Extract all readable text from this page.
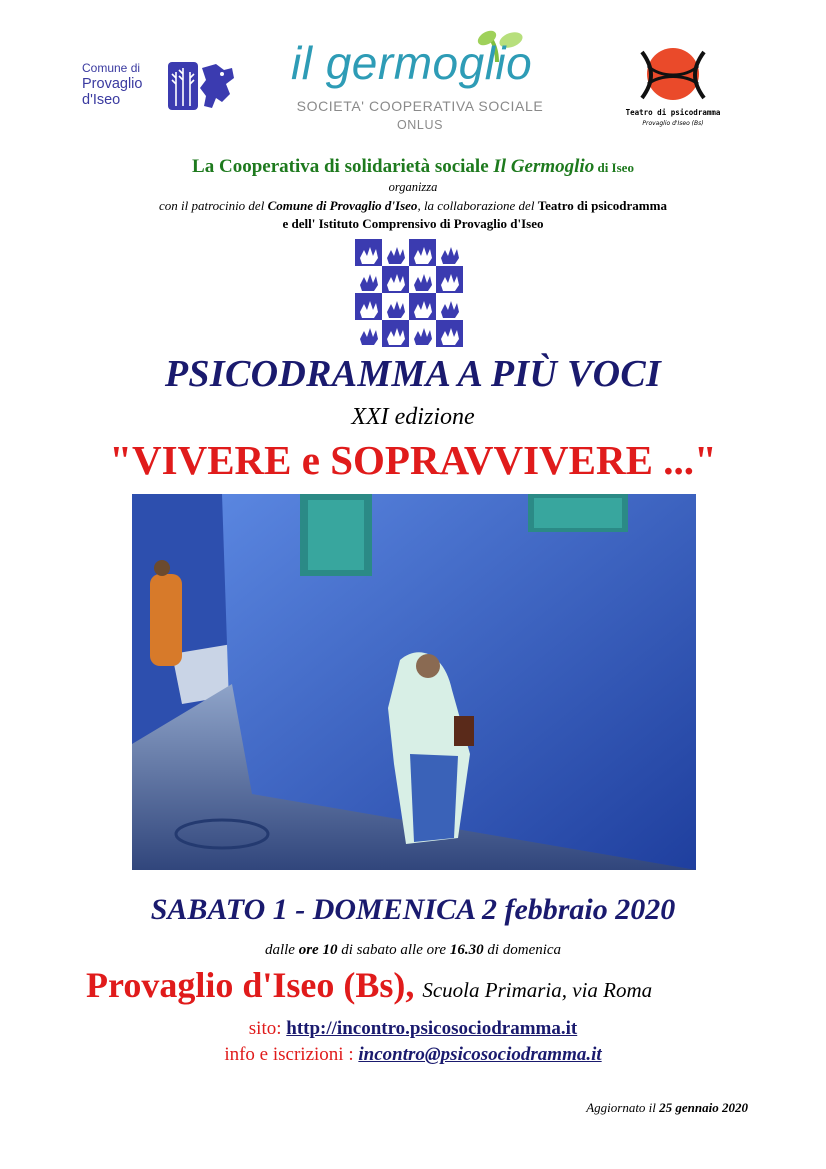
Comune di
Provaglio
d'Iseo
il germoglio
SOCIETA' COOPERATIVA SOCIALE
ONLUS
Teatro di psicodramma
Provaglio d'Iseo (Bs)
La Cooperativa di solidarietà sociale Il Germoglio di Iseo
organizza
con il patrocinio del Comune di Provaglio d'Iseo, la collaborazione del Teatro di psicodramma
e dell' Istituto Comprensivo di Provaglio d'Iseo
PSICODRAMMA A PIÙ VOCI
XXI edizione
"VIVERE e SOPRAVVIVERE ..."
SABATO 1 - DOMENICA 2 febbraio 2020
dalle ore 10 di sabato alle ore 16.30 di domenica
Provaglio d'Iseo (Bs), Scuola Primaria, via Roma
sito: http://incontro.psicosociodramma.it
info e iscrizioni : incontro@psicosociodramma.it
Aggiornato il 25 gennaio 2020
